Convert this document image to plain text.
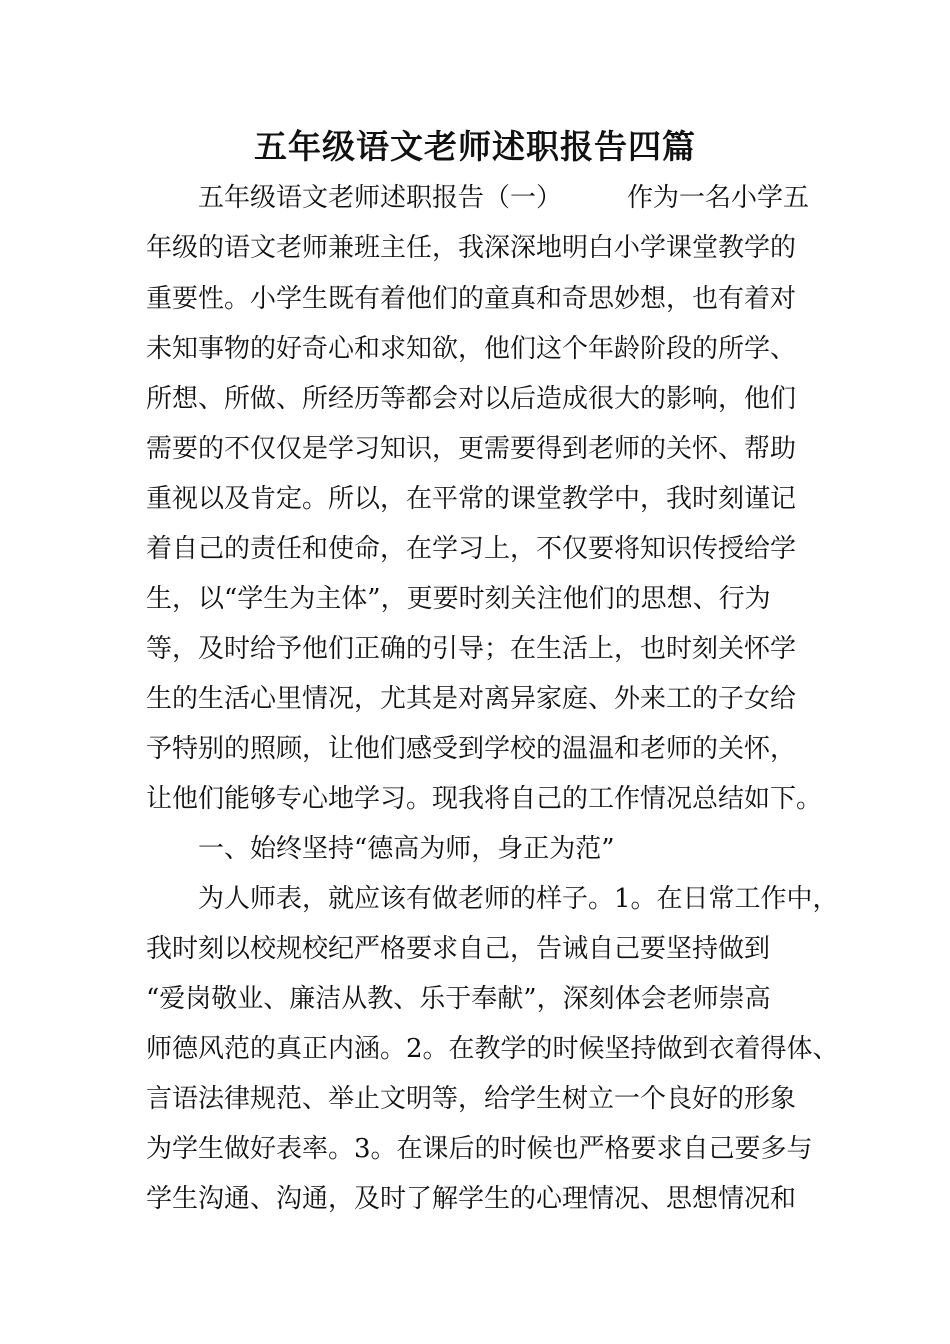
五年级语文老师述职报告四篇
　　五年级语文老师述职报告（一）　　　作为一名小学五
年级的语文老师兼班主任，我深深地明白小学课堂教学的
重要性。小学生既有着他们的童真和奇思妙想，也有着对
未知事物的好奇心和求知欲，他们这个年龄阶段的所学、
所想、所做、所经历等都会对以后造成很大的影响，他们
需要的不仅仅是学习知识，更需要得到老师的关怀、帮助
重视以及肯定。所以，在平常的课堂教学中，我时刻谨记
着自己的责任和使命，在学习上，不仅要将知识传授给学
生，以“学生为主体”，更要时刻关注他们的思想、行为
等，及时给予他们正确的引导；在生活上，也时刻关怀学
生的生活心里情况，尤其是对离异家庭、外来工的子女给
予特别的照顾，让他们感受到学校的温温和老师的关怀，
让他们能够专心地学习。现我将自己的工作情况总结如下。
　　一、始终坚持“德高为师，身正为范”
　　为人师表，就应该有做老师的样子。1。在日常工作中，
我时刻以校规校纪严格要求自己，告诫自己要坚持做到
“爱岗敬业、廉洁从教、乐于奉献”，深刻体会老师崇高
师德风范的真正内涵。2。在教学的时候坚持做到衣着得体、
言语法律规范、举止文明等，给学生树立一个良好的形象
为学生做好表率。3。在课后的时候也严格要求自己要多与
学生沟通、沟通，及时了解学生的心理情况、思想情况和
